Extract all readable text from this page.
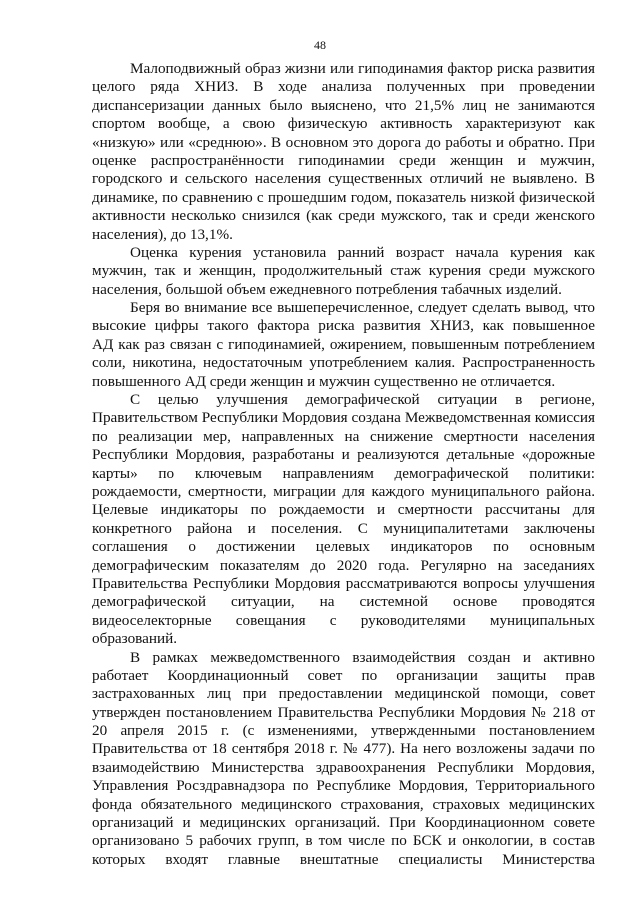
48
Малоподвижный образ жизни или гиподинамия фактор риска развития
целого ряда ХНИЗ. В ходе анализа полученных при проведении
диспансеризации данных было выяснено, что 21,5% лиц не занимаются
спортом вообще, а свою физическую активность характеризуют как
«низкую» или «среднюю». В основном это дорога до работы и обратно. При
оценке распространённости гиподинамии среди женщин и мужчин,
городского и сельского населения существенных отличий не выявлено. В
динамике, по сравнению с прошедшим годом, показатель низкой физической
активности несколько снизился (как среди мужского, так и среди женского
населения), до 13,1%.
Оценка курения установила ранний возраст начала курения как
мужчин, так и женщин, продолжительный стаж курения среди мужского
населения, большой объем ежедневного потребления табачных изделий.
Беря во внимание все вышеперечисленное, следует сделать вывод, что
высокие цифры такого фактора риска развития ХНИЗ, как повышенное
АД как раз связан с гиподинамией, ожирением, повышенным потреблением
соли, никотина, недостаточным употреблением калия. Распространенность
повышенного АД среди женщин и мужчин существенно не отличается.
С целью улучшения демографической ситуации в регионе,
Правительством Республики Мордовия создана Межведомственная комиссия
по реализации мер, направленных на снижение смертности населения
Республики Мордовия, разработаны и реализуются детальные «дорожные
карты» по ключевым направлениям демографической политики:
рождаемости, смертности, миграции для каждого муниципального района.
Целевые индикаторы по рождаемости и смертности рассчитаны для
конкретного района и поселения. С муниципалитетами заключены
соглашения о достижении целевых индикаторов по основным
демографическим показателям до 2020 года. Регулярно на заседаниях
Правительства Республики Мордовия рассматриваются вопросы улучшения
демографической ситуации, на системной основе проводятся
видеоселекторные совещания с руководителями муниципальных
образований.
В рамках межведомственного взаимодействия создан и активно
работает Координационный совет по организации защиты прав
застрахованных лиц при предоставлении медицинской помощи, совет
утвержден постановлением Правительства Республики Мордовия № 218 от
20 апреля 2015 г. (с изменениями, утвержденными постановлением
Правительства от 18 сентября 2018 г. № 477). На него возложены задачи по
взаимодействию Министерства здравоохранения Республики Мордовия,
Управления Росздравнадзора по Республике Мордовия, Территориального
фонда обязательного медицинского страхования, страховых медицинских
организаций и медицинских организаций. При Координационном совете
организовано 5 рабочих групп, в том числе по БСК и онкологии, в состав
которых входят главные внештатные специалисты Министерства
